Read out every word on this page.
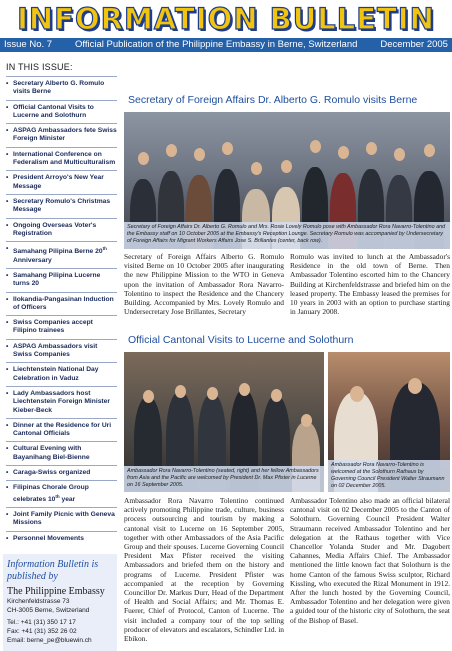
INFORMATION BULLETIN
Issue No. 7 Official Publication of the Philippine Embassy in Berne, Switzerland December 2005
IN THIS ISSUE:
• Secretary Alberto G. Romulo visits Berne
• Official Cantonal Visits to Lucerne and Solothurn
• ASPAG Ambassadors fete Swiss Foreign Minister
• International Conference on Federalism and Multiculturalism
• President Arroyo's New Year Message
• Secretary Romulo's Christmas Message
• Ongoing Overseas Voter's Registration
• Samahang Pilipina Berne 20th Anniversary
• Samahang Pilipina Lucerne turns 20
• Ilokandia-Pangasinan Induction of Officers
• Swiss Companies accept Filipino trainees
• ASPAG Ambassadors visit Swiss Companies
• Liechtenstein National Day Celebration in Vaduz
• Lady Ambassadors host Liechtenstein Foreign Minister Kieber-Beck
• Dinner at the Residence for Uri Cantonal Officials
• Cultural Evening with Bayanihang Biel-Bienne
• Caraga-Swiss organized
• Filipinas Chorale Group celebrates 10th year
• Joint Family Picnic with Geneva Missions
• Personnel Movements
Information Bulletin is published by
The Philippine Embassy
Kirchenfeldstrasse 73
CH-3005 Berne, Switzerland
Tel.: +41 (31) 350 17 17
Fax: +41 (31) 352 26 02
Email: berne_pe@bluewin.ch
Secretary of Foreign Affairs Dr. Alberto G. Romulo visits Berne
Secretary of Foreign Affairs Dr. Alberto G. Romulo and Mrs. Rosie Lovely Romulo pose with Ambassador Rora Navarro-Tolentino and the Embassy staff on 10 October 2005 at the Embassy's Reception Lounge. Secretary Romulo was accompanied by Undersecretary of Foreign Affairs for Migrant Workers Affairs Jose S. Brillantes (center, back row).
Secretary of Foreign Affairs Alberto G. Romulo visited Berne on 10 October 2005 after inaugurating the new Philippine Mission to the WTO in Geneva upon the invitation of Ambassador Rora Navarro-Tolentino to inspect the Residence and the Chancery Building. Accompanied by Mrs. Lovely Romulo and Undersecretary Jose Brillantes, Secretary
Romulo was invited to lunch at the Ambassador's Residence in the old town of Berne. Then Ambassador Tolentino escorted him to the Chancery Building at Kirchenfeldstrasse and briefed him on the leased property. The Embassy leased the premises for 10 years in 2003 with an option to purchase starting in January 2008.
Official Cantonal Visits to Lucerne and Solothurn
Ambassador Rora Navarro-Tolentino (seated, right) and her fellow Ambassadors from Asia and the Pacific are welcomed by President Dr. Max Pfister in Lucerne on 16 September 2005.
Ambassador Rora Navarro-Tolentino is welcomed at the Solothurn Rathaus by Governing Council President Walter Straumann on 02 December 2005.
Ambassador Rora Navarro Tolentino continued actively promoting Philippine trade, culture, business process outsourcing and tourism by making a cantonal visit to Lucerne on 16 September 2005, together with other Ambassadors of the Asia Pacific Group and their spouses. Lucerne Governing Council President Max Pfister received the visiting Ambassadors and briefed them on the history and programs of Lucerne. President Pfister was accompanied at the reception by Governing Councillor Dr. Markus Durr, Head of the Department of Health and Social Affairs; and Mr. Thomas E. Fuerer, Chief of Protocol, Canton of Lucerne. The visit included a company tour of the top selling producer of elevators and escalators, Schindler Ltd. in Ebikon.
Ambassador Tolentino also made an official bilateral cantonal visit on 02 December 2005 to the Canton of Solothurn. Governing Council President Walter Straumann received Ambassador Tolentino and her delegation at the Rathaus together with Vice Chancellor Yolanda Studer and Mr. Dagobert Cahannes, Media Affairs Chief. The Ambassador mentioned the little known fact that Solothurn is the home Canton of the famous Swiss sculptor, Richard Kissling, who executed the Rizal Monument in 1912. After the lunch hosted by the Governing Council, Ambassador Tolentino and her delegation were given a guided tour of the historic city of Solothurn, the seat of the Bishop of Basel.
